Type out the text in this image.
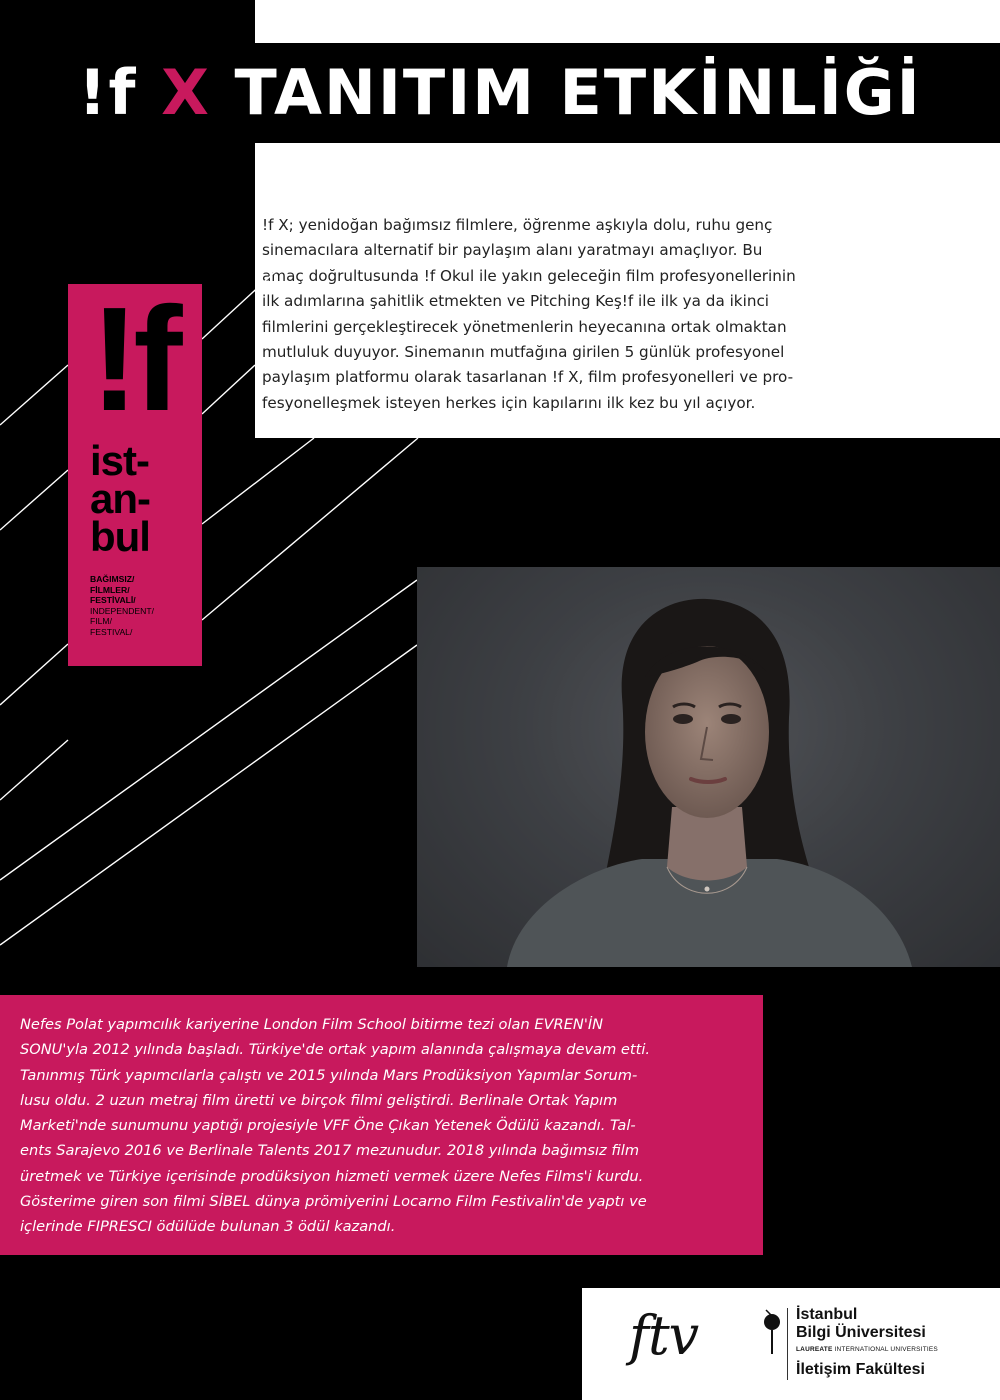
!f X TANITIM ETKİNLİĞİ

!f X; yenidoğan bağımsız filmlere, öğrenme aşkıyla dolu, ruhu genç
sinemacılara alternatif bir paylaşım alanı yaratmayı amaçlıyor. Bu
amaç doğrultusunda !f Okul ile yakın geleceğin film profesyonellerinin
ilk adımlarına şahitlik etmekten ve Pitching Keş!f ile ilk ya da ikinci
filmlerini gerçekleştirecek yönetmenlerin heyecanına ortak olmaktan
mutluluk duyuyor. Sinemanın mutfağına girilen 5 günlük profesyonel
paylaşım platformu olarak tasarlanan !f X, film profesyonelleri ve pro-
fesyonelleşmek isteyen herkes için kapılarını ilk kez bu yıl açıyor.

!f
ist-
an-
bul
BAĞIMSIZ/
FİLMLER/
FESTİVALİ/
INDEPENDENT/
FILM/
FESTIVAL/

Nefes Polat yapımcılık kariyerine London Film School bitirme tezi olan EVREN'İN
SONU'yla 2012 yılında başladı. Türkiye'de ortak yapım alanında çalışmaya devam etti.
Tanınmış Türk yapımcılarla çalıştı ve 2015 yılında Mars Prodüksiyon Yapımlar Sorum-
lusu oldu. 2 uzun metraj film üretti ve birçok filmi geliştirdi. Berlinale Ortak Yapım
Marketi'nde sunumunu yaptığı projesiyle VFF Öne Çıkan Yetenek Ödülü kazandı. Tal-
ents Sarajevo 2016 ve Berlinale Talents 2017 mezunudur. 2018 yılında bağımsız film
üretmek ve Türkiye içerisinde prodüksiyon hizmeti vermek üzere Nefes Films'i kurdu.
Gösterime giren son filmi SİBEL dünya prömiyerini Locarno Film Festivalin'de yaptı ve
içlerinde FIPRESCI ödülüde bulunan 3 ödül kazandı.

ftv	İstanbul
Bilgi Üniversitesi
LAUREATE INTERNATIONAL UNIVERSITIES
İletişim Fakültesi
